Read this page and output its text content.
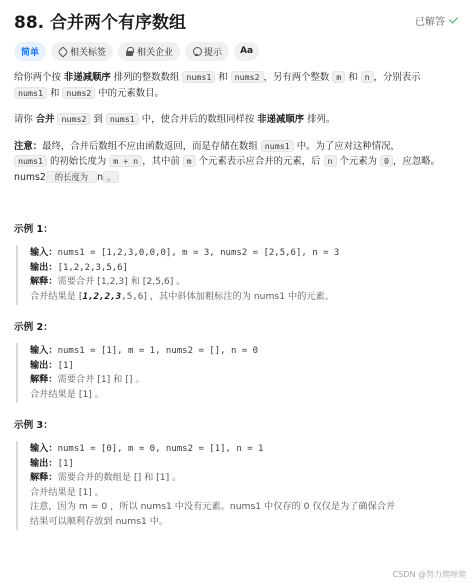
88. 合并两个有序数组	已解答
简单	相关标签	相关企业	提示	Aa
给你两个按 非递减顺序 排列的整数数组 nums1 和 nums2 ，另有两个整数 m 和 n ，分别表示
nums1 和 nums2 中的元素数目。
请你 合并 nums2 到 nums1 中，使合并后的数组同样按 非递减顺序 排列。
注意：最终，合并后数组不应由函数返回，而是存储在数组 nums1 中。为了应对这种情况，
nums1 的初始长度为 m + n ，其中前 m 个元素表示应合并的元素，后 n 个元素为 0 ，应忽略。
nums2 的长度为 n 。
示例 1：
输入：nums1 = [1,2,3,0,0,0], m = 3, nums2 = [2,5,6], n = 3
输出：[1,2,2,3,5,6]
解释：需要合并 [1,2,3] 和 [2,5,6] 。
合并结果是 [1,2,2,3,5,6] ，其中斜体加粗标注的为 nums1 中的元素。
示例 2：
输入：nums1 = [1], m = 1, nums2 = [], n = 0
输出：[1]
解释：需要合并 [1] 和 [] 。
合并结果是 [1] 。
示例 3：
输入：nums1 = [0], m = 0, nums2 = [1], n = 1
输出：[1]
解释：需要合并的数组是 [] 和 [1] 。
合并结果是 [1] 。
注意，因为 m = 0 ，所以 nums1 中没有元素。nums1 中仅存的 0 仅仅是为了确保合并
结果可以顺利存放到 nums1 中。
CSDN @努力爬呀爬
